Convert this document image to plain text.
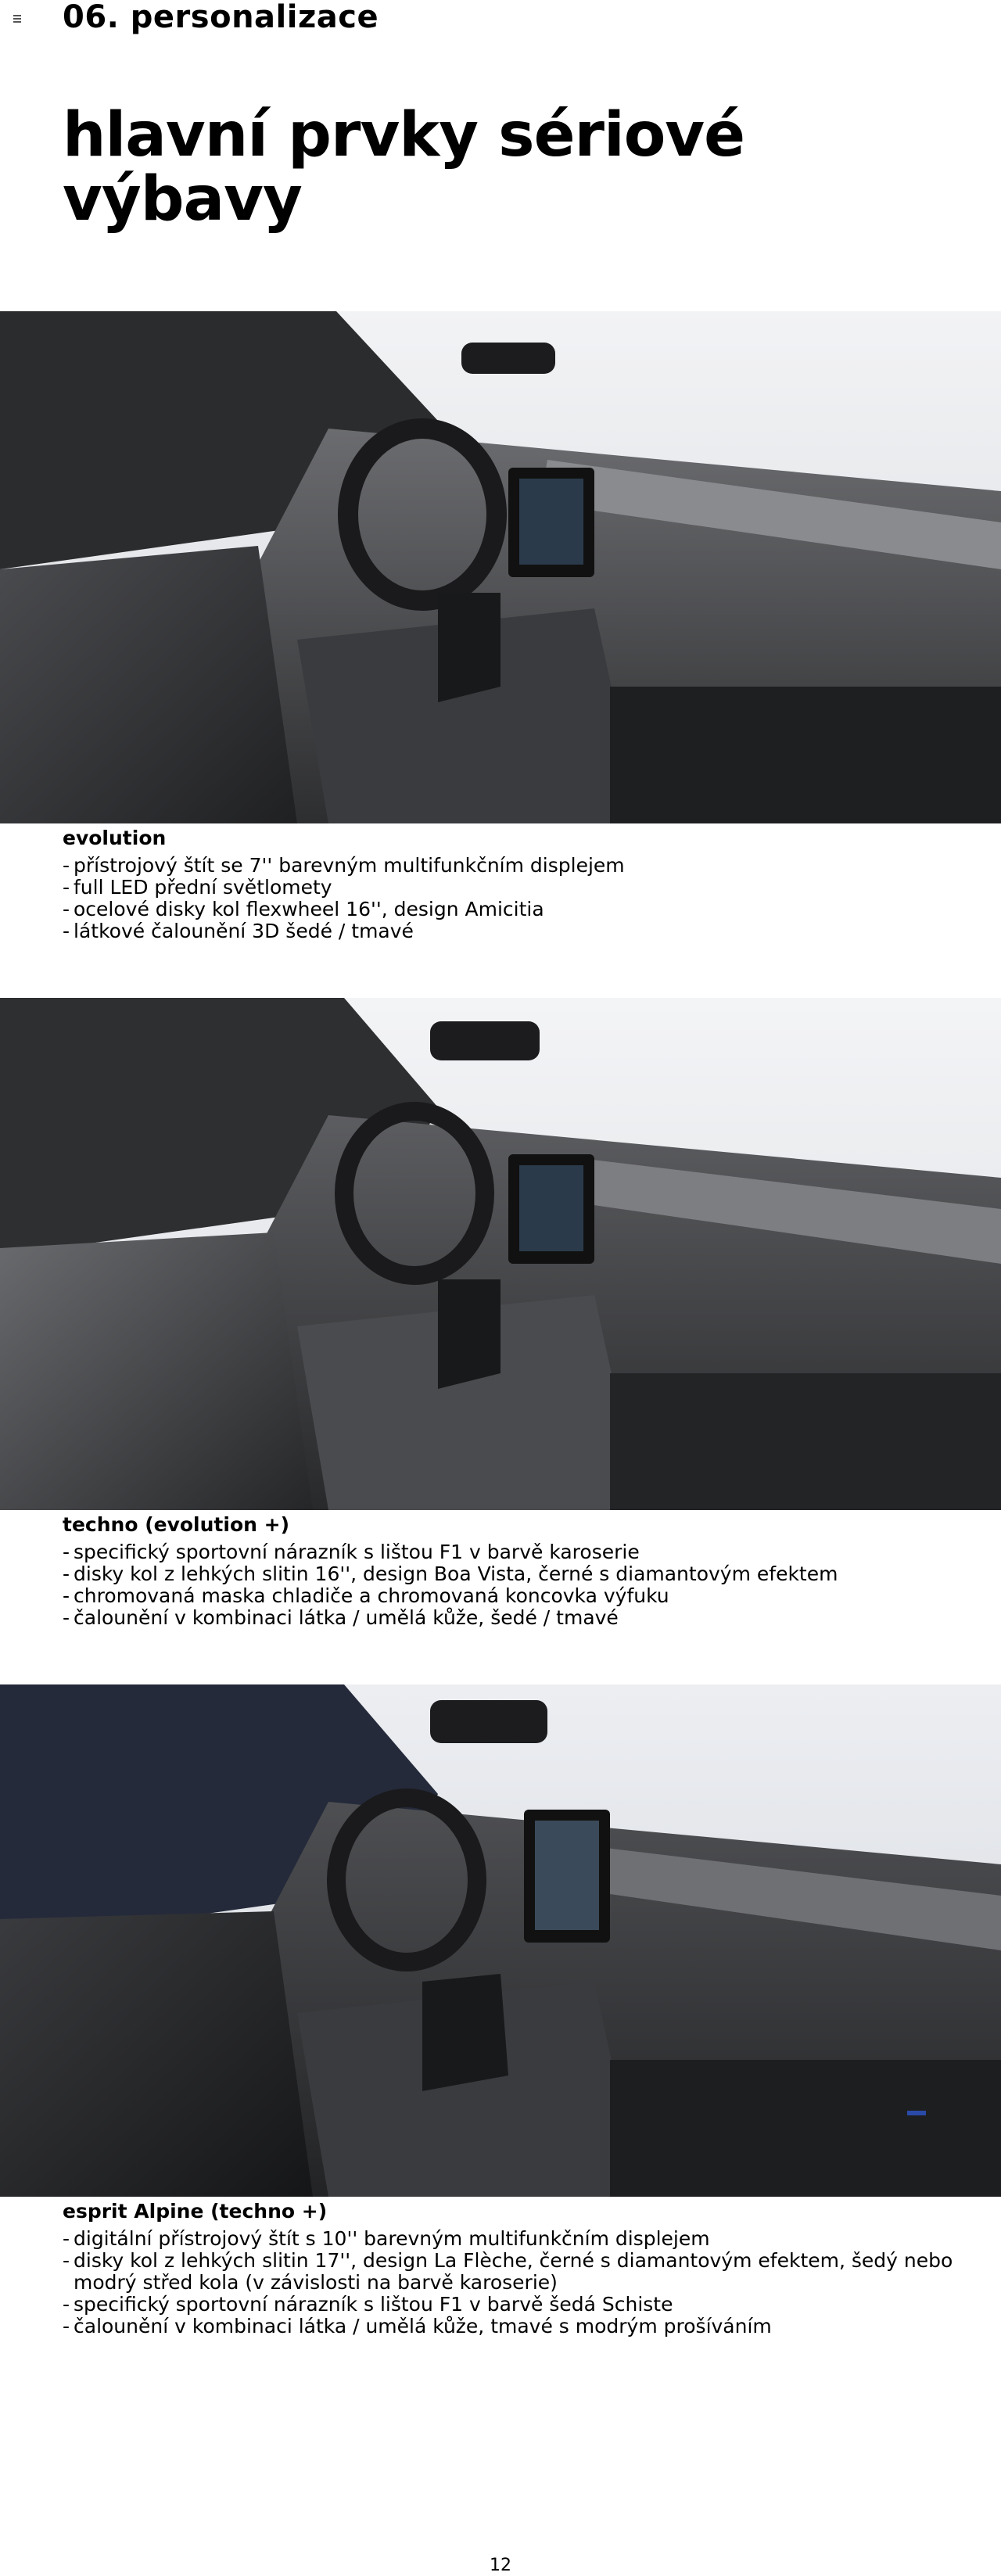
06. personalizace
hlavní prvky sériové výbavy
evolution
- přístrojový štít se 7'' barevným multifunkčním displejem
- full LED přední světlomety
- ocelové disky kol flexwheel 16'', design Amicitia
- látkové čalounění 3D šedé / tmavé
techno (evolution +)
- specifický sportovní nárazník s lištou F1 v barvě karoserie
- disky kol z lehkých slitin 16'', design Boa Vista, černé s diamantovým efektem
- chromovaná maska chladiče a chromovaná koncovka výfuku
- čalounění v kombinaci látka / umělá kůže, šedé / tmavé
esprit Alpine (techno +)
- digitální přístrojový štít s 10'' barevným multifunkčním displejem
- disky kol z lehkých slitin 17'', design La Flèche, černé s diamantovým efektem, šedý nebo modrý střed kola (v závislosti na barvě karoserie)
- specifický sportovní nárazník s lištou F1 v barvě šedá Schiste
- čalounění v kombinaci látka / umělá kůže, tmavé s modrým prošíváním
12
